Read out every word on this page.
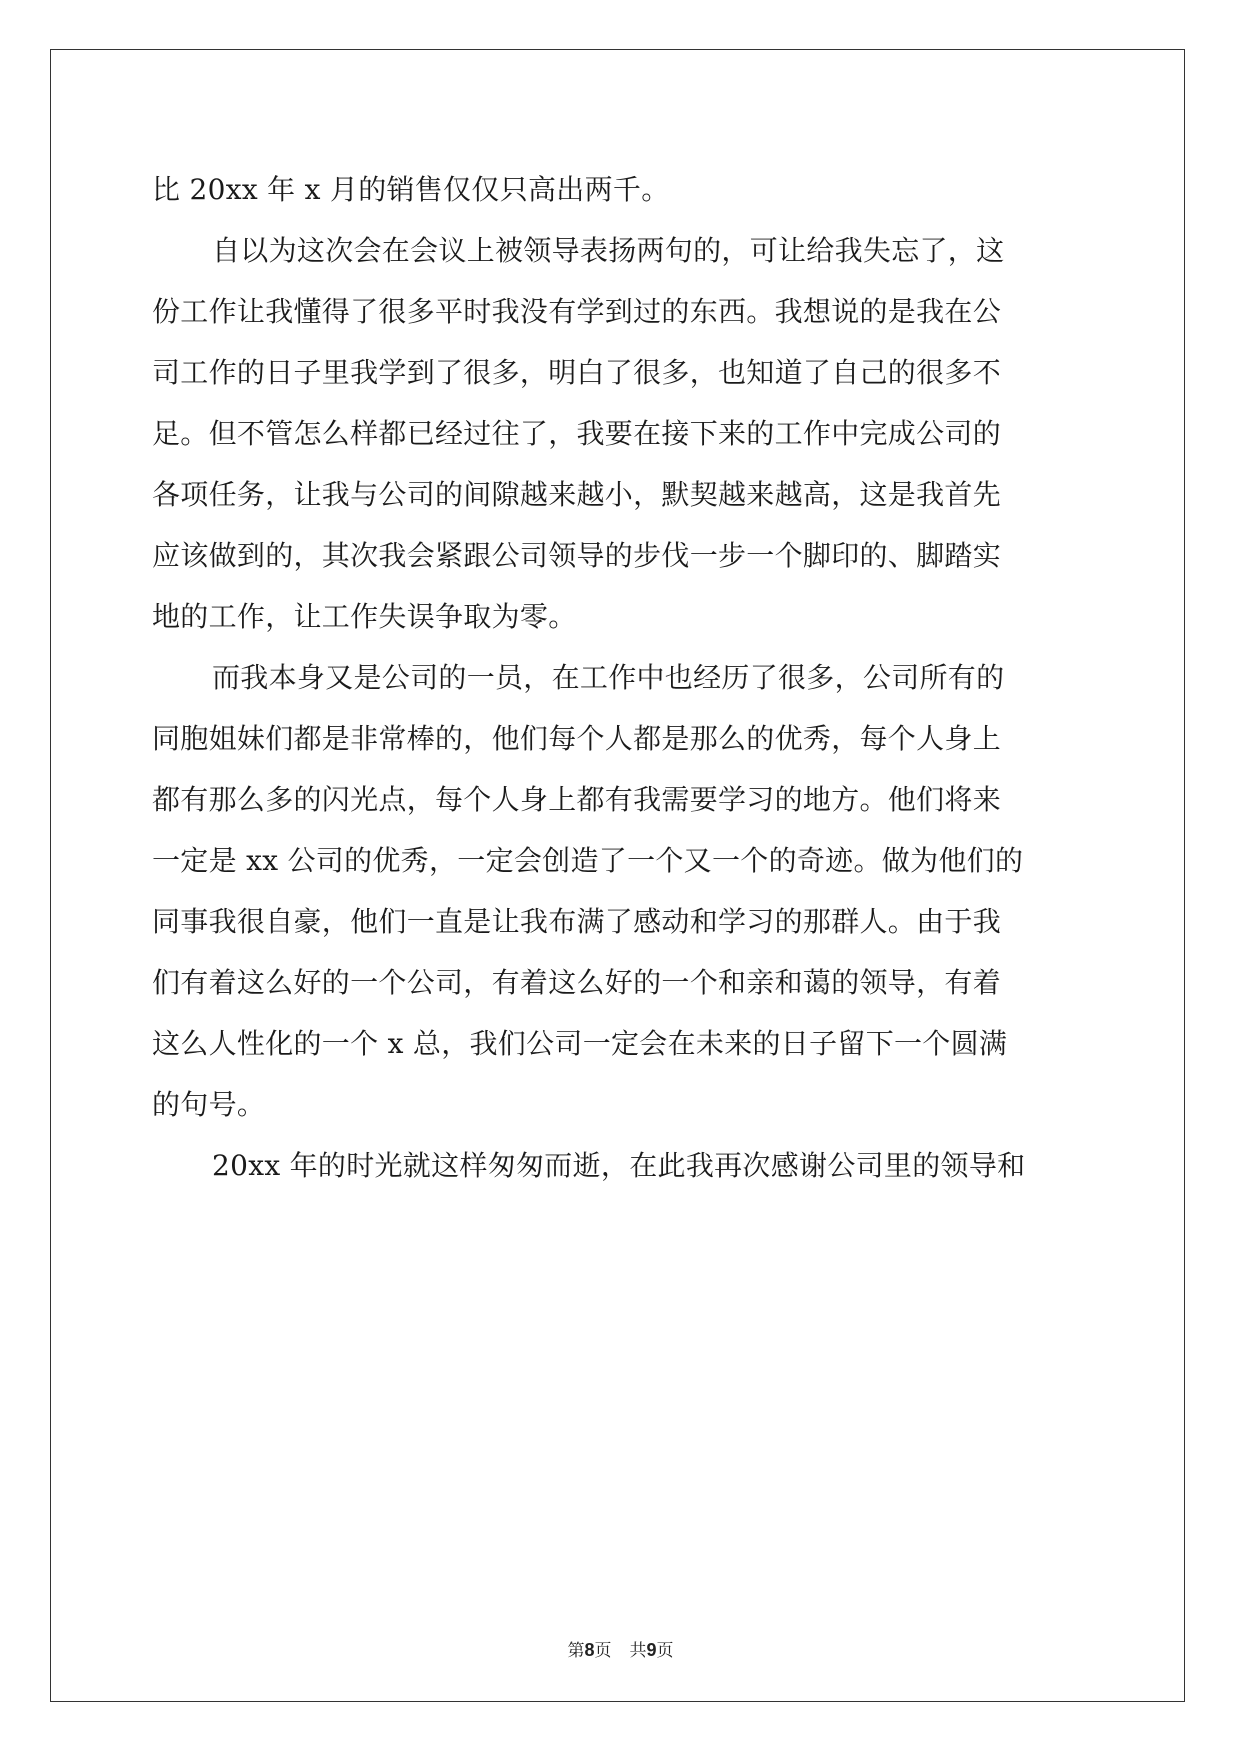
比 20xx 年 x 月的销售仅仅只高出两千。
自以为这次会在会议上被领导表扬两句的，可让给我失忘了，这
份工作让我懂得了很多平时我没有学到过的东西。我想说的是我在公
司工作的日子里我学到了很多，明白了很多，也知道了自己的很多不
足。但不管怎么样都已经过往了，我要在接下来的工作中完成公司的
各项任务，让我与公司的间隙越来越小，默契越来越高，这是我首先
应该做到的，其次我会紧跟公司领导的步伐一步一个脚印的、脚踏实
地的工作，让工作失误争取为零。
而我本身又是公司的一员，在工作中也经历了很多，公司所有的
同胞姐妹们都是非常棒的，他们每个人都是那么的优秀，每个人身上
都有那么多的闪光点，每个人身上都有我需要学习的地方。他们将来
一定是 xx 公司的优秀，一定会创造了一个又一个的奇迹。做为他们的
同事我很自豪，他们一直是让我布满了感动和学习的那群人。由于我
们有着这么好的一个公司，有着这么好的一个和亲和蔼的领导，有着
这么人性化的一个 x 总，我们公司一定会在未来的日子留下一个圆满
的句号。
20xx 年的时光就这样匆匆而逝，在此我再次感谢公司里的领导和
第8页 共9页
